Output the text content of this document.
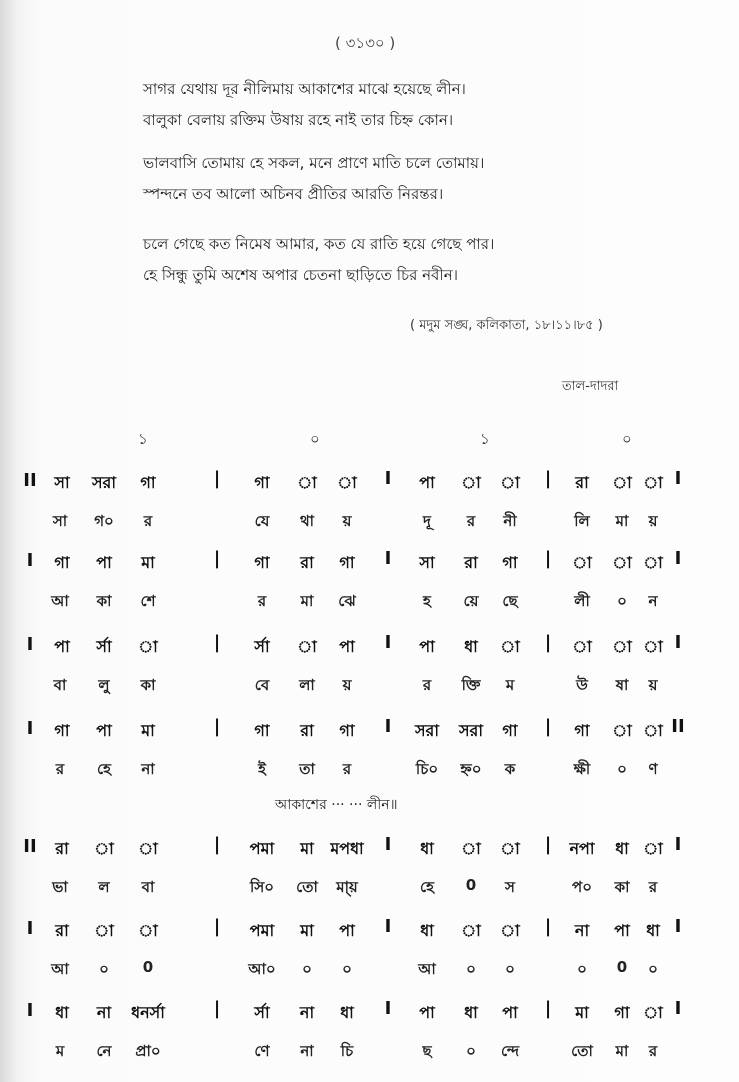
( ৩১৩০ )
সাগর যেথায় দূর নীলিমায় আকাশের মাঝে হয়েছে লীন।
বালুকা বেলায় রক্তিম উষায় রহে নাই তার চিহ্ন কোন।
ভালবাসি তোমায় হে সকল, মনে প্রাণে মাতি চলে তোমায়।
স্পন্দনে তব আলো অচিনব প্রীতির আরতি নিরন্তর।
চলে গেছে কত নিমেষ আমার, কত যে রাতি হয়ে গেছে পার।
হে সিন্ধু তুমি অশেষ অপার চেতনা ছাড়িতে চির নবীন।
( মদুম সঙ্ঘ, কলিকাতা, ১৮।১১।৮৫ )
তাল-দাদরা
১	০	১	০
II সা সরা গা	| গা া া I পা া া | রা া া I
সা গ০ র	যে থা য়	দূ র নী	লি মা য়
I গা পা মা	| গা রা গা I সা রা গা | া া া I
আ কা শে	র মা ঝে	হ য়ে ছে	লী ০ ন
I পা র্সা া	| র্সা া পা I পা ধা া | া া া I
বা লু কা	বে লা য়	র ক্তি ম	উ ষা য়
I গা পা মা	| গা রা গা I সরা সরা গা | গা া া II
র হে না	ই তা র	চি০ হ্ন০ ক	ক্ষী ০ ণ
II রা া া	| পমা মা মপধা I ধা া া | নপা ধা া I
ভা ল বা	সি০ তো মা্য়	হে 0 স	প০ কা র
I রা া া	| পমা মা পা I ধা া া | না পা ধা I
আ ০ 0	আ০ ০ ০	আ ০ ০	০ 0 ০
I ধা না ধনর্সা	| র্সা না ধা I পা ধা পা | মা গা া I
ম নে প্রা০	ণে না চি	ছ ০ ন্দে	তো মা র
আকাশের ··· ··· লীন॥
